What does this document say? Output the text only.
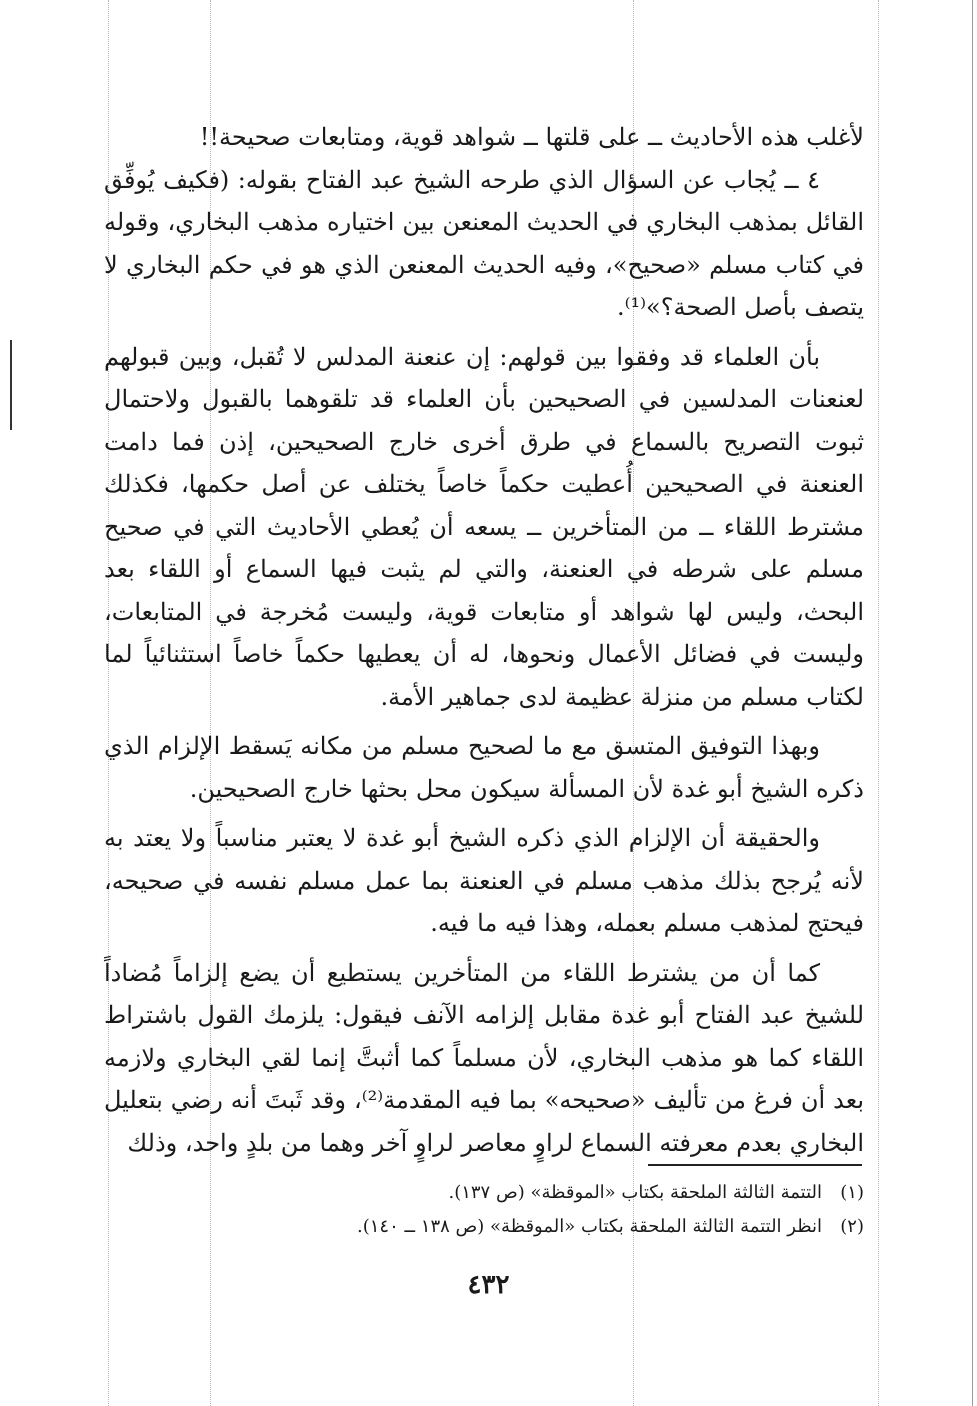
لأغلب هذه الأحاديث ــ على قلتها ــ شواهد قوية، ومتابعات صحيحة!!

٤ ــ يُجاب عن السؤال الذي طرحه الشيخ عبد الفتاح بقوله: (فكيف يُوفِّق القائل بمذهب البخاري في الحديث المعنعن بين اختياره مذهب البخاري، وقوله في كتاب مسلم «صحيح»، وفيه الحديث المعنعن الذي هو في حكم البخاري لا يتصف بأصل الصحة؟»⁽¹⁾.

بأن العلماء قد وفقوا بين قولهم: إن عنعنة المدلس لا تُقبل، وبين قبولهم لعنعنات المدلسين في الصحيحين بأن العلماء قد تلقوهما بالقبول ولاحتمال ثبوت التصريح بالسماع في طرق أخرى خارج الصحيحين، إذن فما دامت العنعنة في الصحيحين أُعطيت حكماً خاصاً يختلف عن أصل حكمها، فكذلك مشترط اللقاء ــ من المتأخرين ــ يسعه أن يُعطي الأحاديث التي في صحيح مسلم على شرطه في العنعنة، والتي لم يثبت فيها السماع أو اللقاء بعد البحث، وليس لها شواهد أو متابعات قوية، وليست مُخرجة في المتابعات، وليست في فضائل الأعمال ونحوها، له أن يعطيها حكماً خاصاً استثنائياً لما لكتاب مسلم من منزلة عظيمة لدى جماهير الأمة.

وبهذا التوفيق المتسق مع ما لصحيح مسلم من مكانه يَسقط الإلزام الذي ذكره الشيخ أبو غدة لأن المسألة سيكون محل بحثها خارج الصحيحين.

والحقيقة أن الإلزام الذي ذكره الشيخ أبو غدة لا يعتبر مناسباً ولا يعتد به لأنه يُرجح بذلك مذهب مسلم في العنعنة بما عمل مسلم نفسه في صحيحه، فيحتج لمذهب مسلم بعمله، وهذا فيه ما فيه.

كما أن من يشترط اللقاء من المتأخرين يستطيع أن يضع إلزاماً مُضاداً للشيخ عبد الفتاح أبو غدة مقابل إلزامه الآنف فيقول: يلزمك القول باشتراط اللقاء كما هو مذهب البخاري، لأن مسلماً كما أثبتَّ إنما لقي البخاري ولازمه بعد أن فرغ من تأليف «صحيحه» بما فيه المقدمة⁽²⁾، وقد ثَبتَ أنه رضي بتعليل البخاري بعدم معرفته السماع لراوٍ معاصر لراوٍ آخر وهما من بلدٍ واحد، وذلك

(١)التتمة الثالثة الملحقة بكتاب «الموقظة» (ص ١٣٧).

(٢)انظر التتمة الثالثة الملحقة بكتاب «الموقظة» (ص ١٣٨ ــ ١٤٠).

٤٣٢
